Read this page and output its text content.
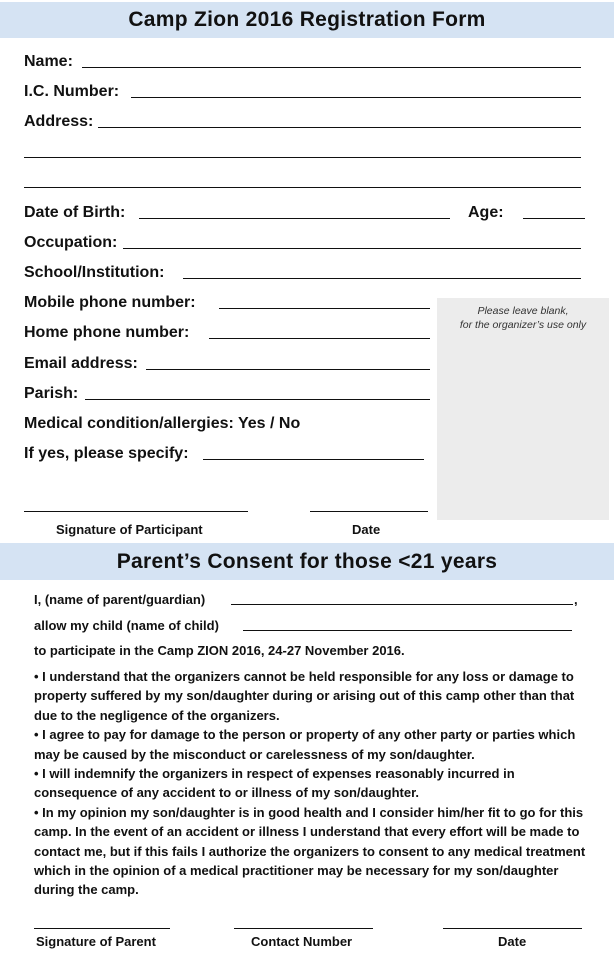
Camp Zion 2016 Registration Form
Name:
I.C. Number:
Address:
Date of Birth:	Age:
Occupation:
School/Institution:
Mobile phone number:
Home phone number:
Email address:
Parish:
Medical condition/allergies: Yes / No
If yes, please specify:
Please leave blank,
for the organizer’s use only
Signature of Participant	Date
Parent’s Consent for those <21 years
I, (name of parent/guardian)	,
allow my child (name of child)
to participate in the Camp ZION 2016, 24-27 November 2016.

• I understand that the organizers cannot be held responsible for any loss or damage to property suffered by my son/daughter during or arising out of this camp other than that due to the negligence of the organizers.

• I agree to pay for damage to the person or property of any other party or parties which may be caused by the misconduct or carelessness of my son/daughter.

• I will indemnify the organizers in respect of expenses reasonably incurred in consequence of any accident to or illness of my son/daughter.

• In my opinion my son/daughter is in good health and I consider him/her fit to go for this camp. In the event of an accident or illness I understand that every effort will be made to contact me, but if this fails I authorize the organizers to consent to any medical treatment which in the opinion of a medical practitioner may be necessary for my son/daughter during the camp.

Signature of Parent	Contact Number	Date
